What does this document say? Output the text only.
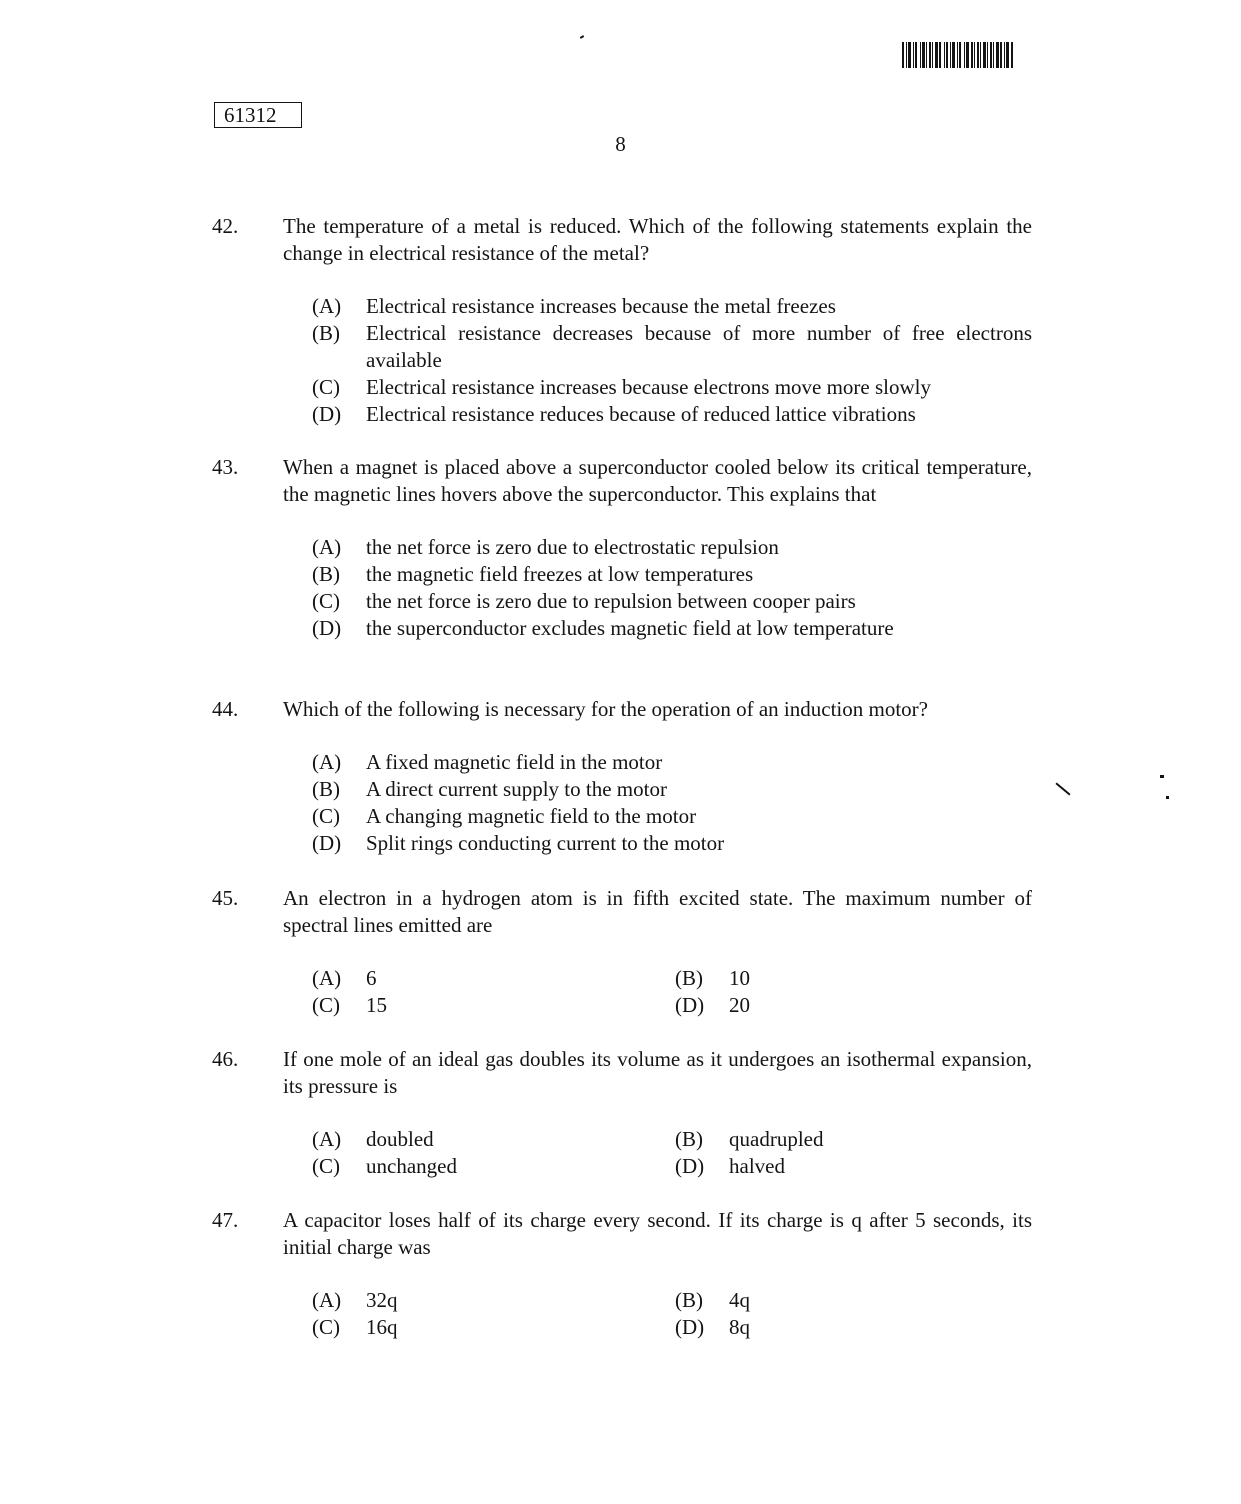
61312
8
42. The temperature of a metal is reduced. Which of the following statements explain the change in electrical resistance of the metal?
(A)	Electrical resistance increases because the metal freezes
(B)	Electrical resistance decreases because of more number of free electrons available
(C)	Electrical resistance increases because electrons move more slowly
(D)	Electrical resistance reduces because of reduced lattice vibrations
43. When a magnet is placed above a superconductor cooled below its critical temperature, the magnetic lines hovers above the superconductor. This explains that
(A)	the net force is zero due to electrostatic repulsion
(B)	the magnetic field freezes at low temperatures
(C)	the net force is zero due to repulsion between cooper pairs
(D)	the superconductor excludes magnetic field at low temperature
44. Which of the following is necessary for the operation of an induction motor?
(A)	A fixed magnetic field in the motor
(B)	A direct current supply to the motor
(C)	A changing magnetic field to the motor
(D)	Split rings conducting current to the motor
45. An electron in a hydrogen atom is in fifth excited state. The maximum number of spectral lines emitted are
(A)	6	(B)	10
(C)	15	(D)	20
46. If one mole of an ideal gas doubles its volume as it undergoes an isothermal expansion, its pressure is
(A)	doubled	(B)	quadrupled
(C)	unchanged	(D)	halved
47. A capacitor loses half of its charge every second. If its charge is q after 5 seconds, its initial charge was
(A)	32q	(B)	4q
(C)	16q	(D)	8q
